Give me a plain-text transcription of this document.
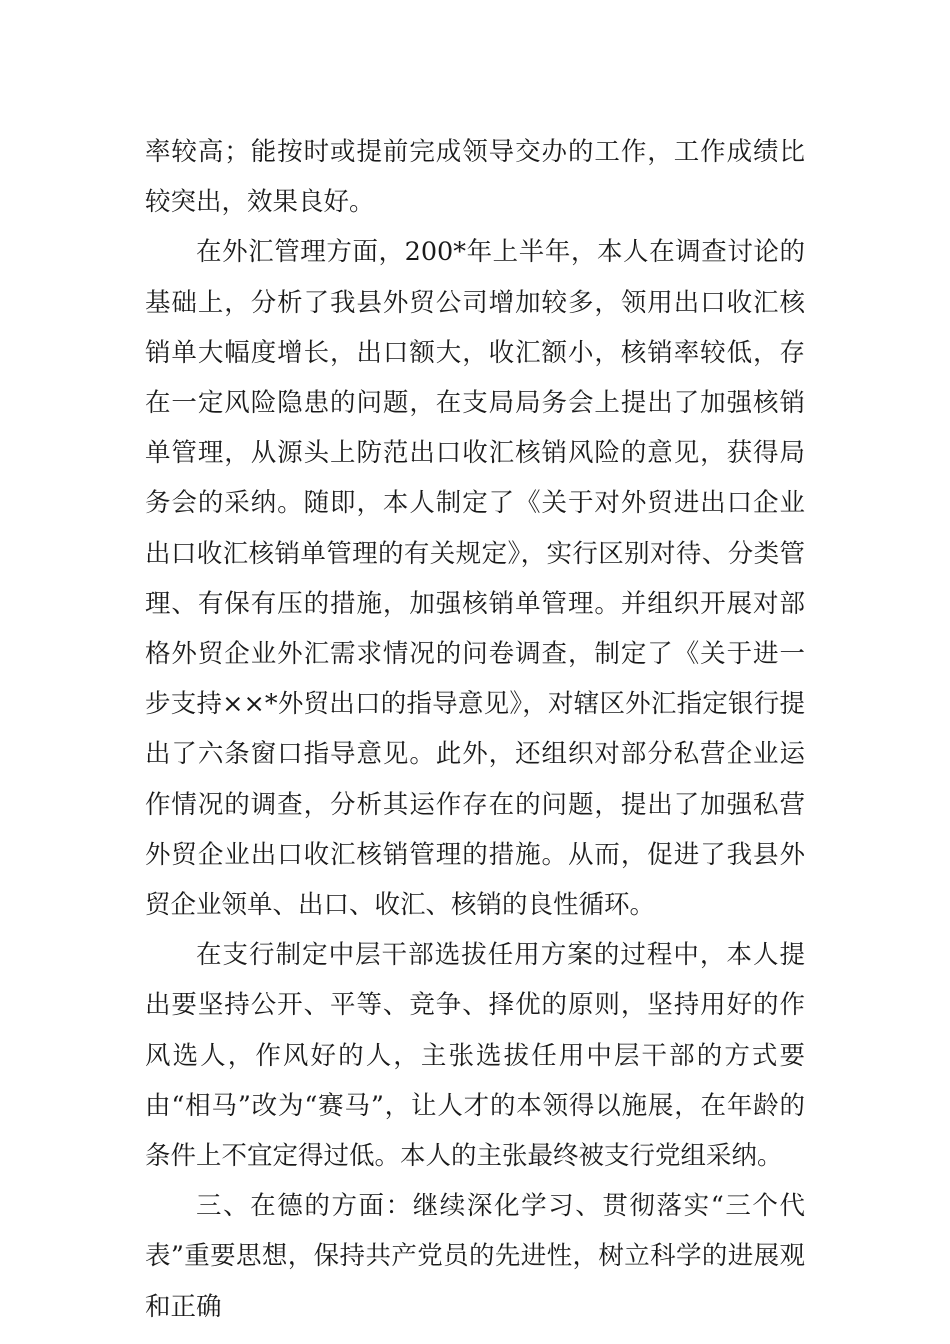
率较高；能按时或提前完成领导交办的工作，工作成绩比较突出，效果良好。

在外汇管理方面，200*年上半年，本人在调查讨论的基础上，分析了我县外贸公司增加较多，领用出口收汇核销单大幅度增长，出口额大，收汇额小，核销率较低，存在一定风险隐患的问题，在支局局务会上提出了加强核销单管理，从源头上防范出口收汇核销风险的意见，获得局务会的采纳。随即，本人制定了《关于对外贸进出口企业出口收汇核销单管理的有关规定》，实行区别对待、分类管理、有保有压的措施，加强核销单管理。并组织开展对部格外贸企业外汇需求情况的问卷调查，制定了《关于进一步支持××*外贸出口的指导意见》，对辖区外汇指定银行提出了六条窗口指导意见。此外，还组织对部分私营企业运作情况的调查，分析其运作存在的问题，提出了加强私营外贸企业出口收汇核销管理的措施。从而，促进了我县外贸企业领单、出口、收汇、核销的良性循环。

在支行制定中层干部选拔任用方案的过程中，本人提出要坚持公开、平等、竞争、择优的原则，坚持用好的作风选人，作风好的人，主张选拔任用中层干部的方式要由“相马”改为“赛马”，让人才的本领得以施展，在年龄的条件上不宜定得过低。本人的主张最终被支行党组采纳。

三、在德的方面：继续深化学习、贯彻落实“三个代表”重要思想，保持共产党员的先进性，树立科学的进展观和正确
